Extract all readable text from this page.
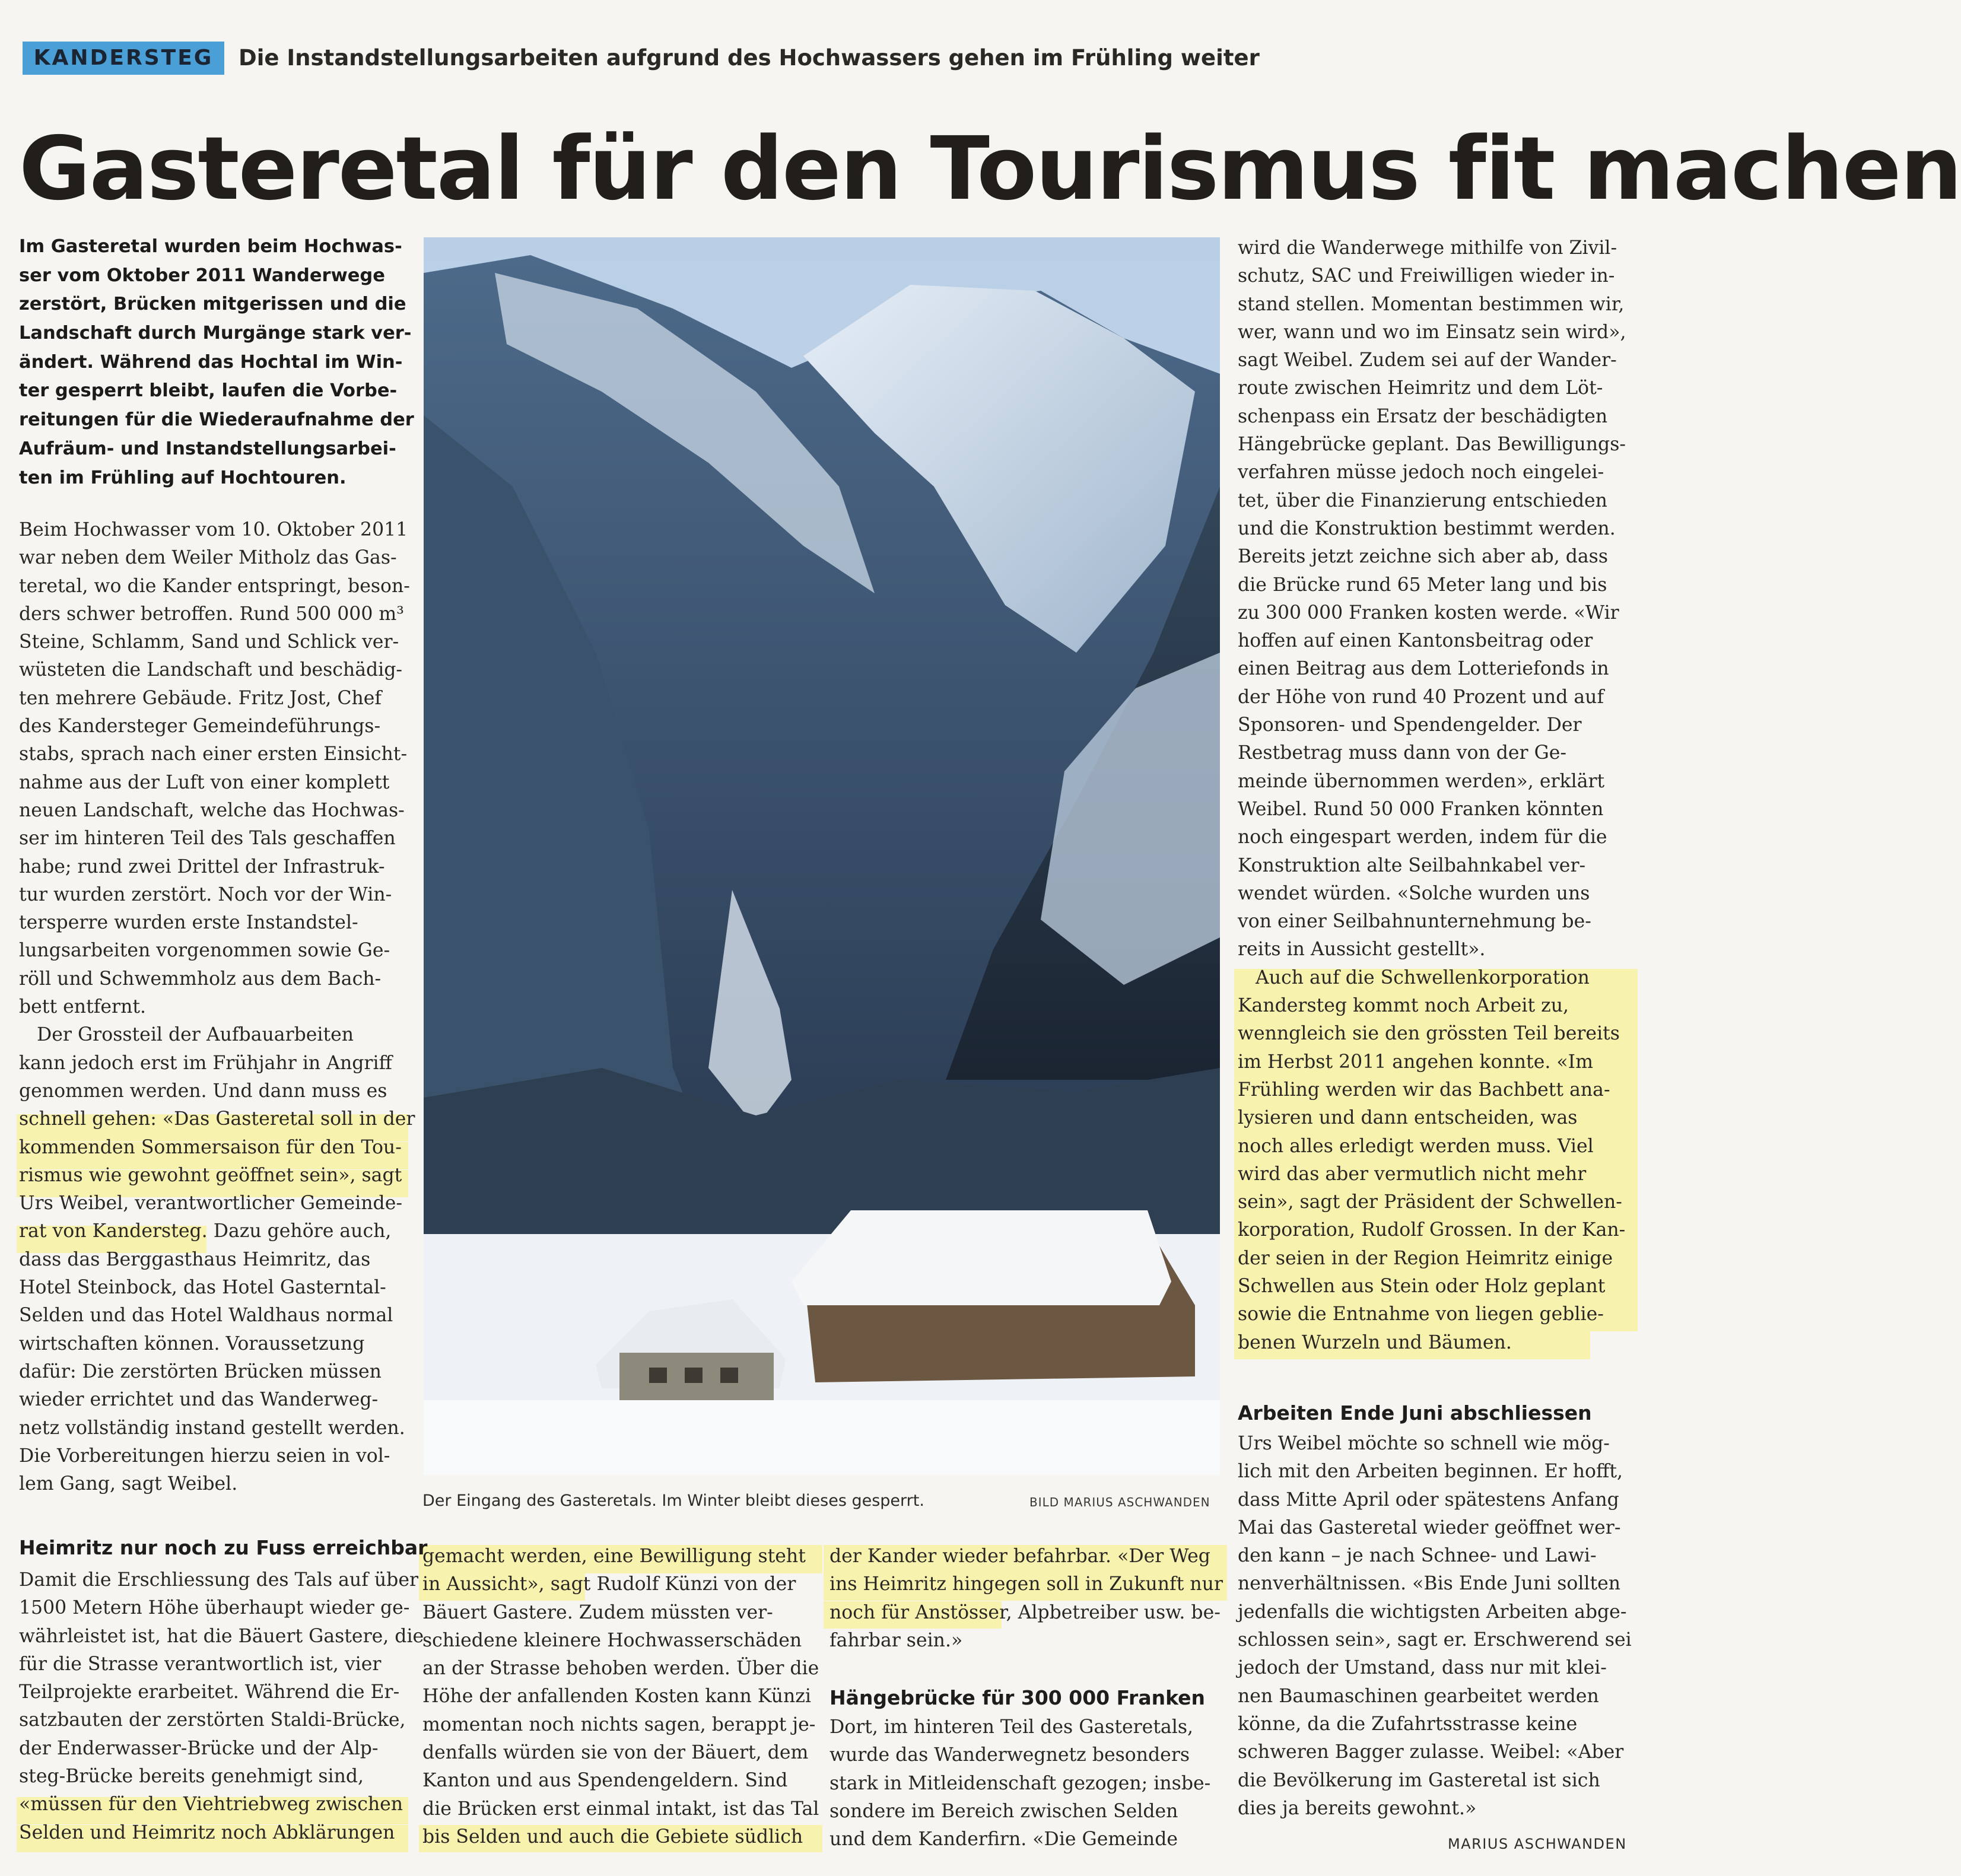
KANDERSTEG	Die Instandstellungsarbeiten aufgrund des Hochwassers gehen im Frühling weiter
Gasteretal für den Tourismus fit machen
Im Gasteretal wurden beim Hochwas-
ser vom Oktober 2011 Wanderwege
zerstört, Brücken mitgerissen und die
Landschaft durch Murgänge stark ver-
ändert. Während das Hochtal im Win-
ter gesperrt bleibt, laufen die Vorbe-
reitungen für die Wiederaufnahme der
Aufräum- und Instandstellungsarbei-
ten im Frühling auf Hochtouren.
Beim Hochwasser vom 10. Oktober 2011
war neben dem Weiler Mitholz das Gas-
teretal, wo die Kander entspringt, beson-
ders schwer betroffen. Rund 500 000 m³
Steine, Schlamm, Sand und Schlick ver-
wüsteten die Landschaft und beschädig-
ten mehrere Gebäude. Fritz Jost, Chef
des Kandersteger Gemeindeführungs-
stabs, sprach nach einer ersten Einsicht-
nahme aus der Luft von einer komplett
neuen Landschaft, welche das Hochwas-
ser im hinteren Teil des Tals geschaffen
habe; rund zwei Drittel der Infrastruk-
tur wurden zerstört. Noch vor der Win-
tersperre wurden erste Instandstel-
lungsarbeiten vorgenommen sowie Ge-
röll und Schwemmholz aus dem Bach-
bett entfernt.
Der Grossteil der Aufbauarbeiten
kann jedoch erst im Frühjahr in Angriff
genommen werden. Und dann muss es
schnell gehen: «Das Gasteretal soll in der
kommenden Sommersaison für den Tou-
rismus wie gewohnt geöffnet sein», sagt
Urs Weibel, verantwortlicher Gemeinde-
rat von Kandersteg. Dazu gehöre auch,
dass das Berggasthaus Heimritz, das
Hotel Steinbock, das Hotel Gasterntal-
Selden und das Hotel Waldhaus normal
wirtschaften können. Voraussetzung
dafür: Die zerstörten Brücken müssen
wieder errichtet und das Wanderweg-
netz vollständig instand gestellt werden.
Die Vorbereitungen hierzu seien in vol-
lem Gang, sagt Weibel.
Heimritz nur noch zu Fuss erreichbar
Damit die Erschliessung des Tals auf über
1500 Metern Höhe überhaupt wieder ge-
währleistet ist, hat die Bäuert Gastere, die
für die Strasse verantwortlich ist, vier
Teilprojekte erarbeitet. Während die Er-
satzbauten der zerstörten Staldi-Brücke,
der Enderwasser-Brücke und der Alp-
steg-Brücke bereits genehmigt sind,
«müssen für den Viehtriebweg zwischen
Selden und Heimritz noch Abklärungen
Der Eingang des Gasteretals. Im Winter bleibt dieses gesperrt.	BILD MARIUS ASCHWANDEN
gemacht werden, eine Bewilligung steht
in Aussicht», sagt Rudolf Künzi von der
Bäuert Gastere. Zudem müssten ver-
schiedene kleinere Hochwasserschäden
an der Strasse behoben werden. Über die
Höhe der anfallenden Kosten kann Künzi
momentan noch nichts sagen, berappt je-
denfalls würden sie von der Bäuert, dem
Kanton und aus Spendengeldern. Sind
die Brücken erst einmal intakt, ist das Tal
bis Selden und auch die Gebiete südlich
der Kander wieder befahrbar. «Der Weg
ins Heimritz hingegen soll in Zukunft nur
noch für Anstösser, Alpbetreiber usw. be-
fahrbar sein.»
Hängebrücke für 300 000 Franken
Dort, im hinteren Teil des Gasteretals,
wurde das Wanderwegnetz besonders
stark in Mitleidenschaft gezogen; insbe-
sondere im Bereich zwischen Selden
und dem Kanderfirn. «Die Gemeinde
wird die Wanderwege mithilfe von Zivil-
schutz, SAC und Freiwilligen wieder in-
stand stellen. Momentan bestimmen wir,
wer, wann und wo im Einsatz sein wird»,
sagt Weibel. Zudem sei auf der Wander-
route zwischen Heimritz und dem Löt-
schenpass ein Ersatz der beschädigten
Hängebrücke geplant. Das Bewilligungs-
verfahren müsse jedoch noch eingelei-
tet, über die Finanzierung entschieden
und die Konstruktion bestimmt werden.
Bereits jetzt zeichne sich aber ab, dass
die Brücke rund 65 Meter lang und bis
zu 300 000 Franken kosten werde. «Wir
hoffen auf einen Kantonsbeitrag oder
einen Beitrag aus dem Lotteriefonds in
der Höhe von rund 40 Prozent und auf
Sponsoren- und Spendengelder. Der
Restbetrag muss dann von der Ge-
meinde übernommen werden», erklärt
Weibel. Rund 50 000 Franken könnten
noch eingespart werden, indem für die
Konstruktion alte Seilbahnkabel ver-
wendet würden. «Solche wurden uns
von einer Seilbahnunternehmung be-
reits in Aussicht gestellt».
Auch auf die Schwellenkorporation
Kandersteg kommt noch Arbeit zu,
wenngleich sie den grössten Teil bereits
im Herbst 2011 angehen konnte. «Im
Frühling werden wir das Bachbett ana-
lysieren und dann entscheiden, was
noch alles erledigt werden muss. Viel
wird das aber vermutlich nicht mehr
sein», sagt der Präsident der Schwellen-
korporation, Rudolf Grossen. In der Kan-
der seien in der Region Heimritz einige
Schwellen aus Stein oder Holz geplant
sowie die Entnahme von liegen geblie-
benen Wurzeln und Bäumen.
Arbeiten Ende Juni abschliessen
Urs Weibel möchte so schnell wie mög-
lich mit den Arbeiten beginnen. Er hofft,
dass Mitte April oder spätestens Anfang
Mai das Gasteretal wieder geöffnet wer-
den kann – je nach Schnee- und Lawi-
nenverhältnissen. «Bis Ende Juni sollten
jedenfalls die wichtigsten Arbeiten abge-
schlossen sein», sagt er. Erschwerend sei
jedoch der Umstand, dass nur mit klei-
nen Baumaschinen gearbeitet werden
könne, da die Zufahrtsstrasse keine
schweren Bagger zulasse. Weibel: «Aber
die Bevölkerung im Gasteretal ist sich
dies ja bereits gewohnt.»
MARIUS ASCHWANDEN
